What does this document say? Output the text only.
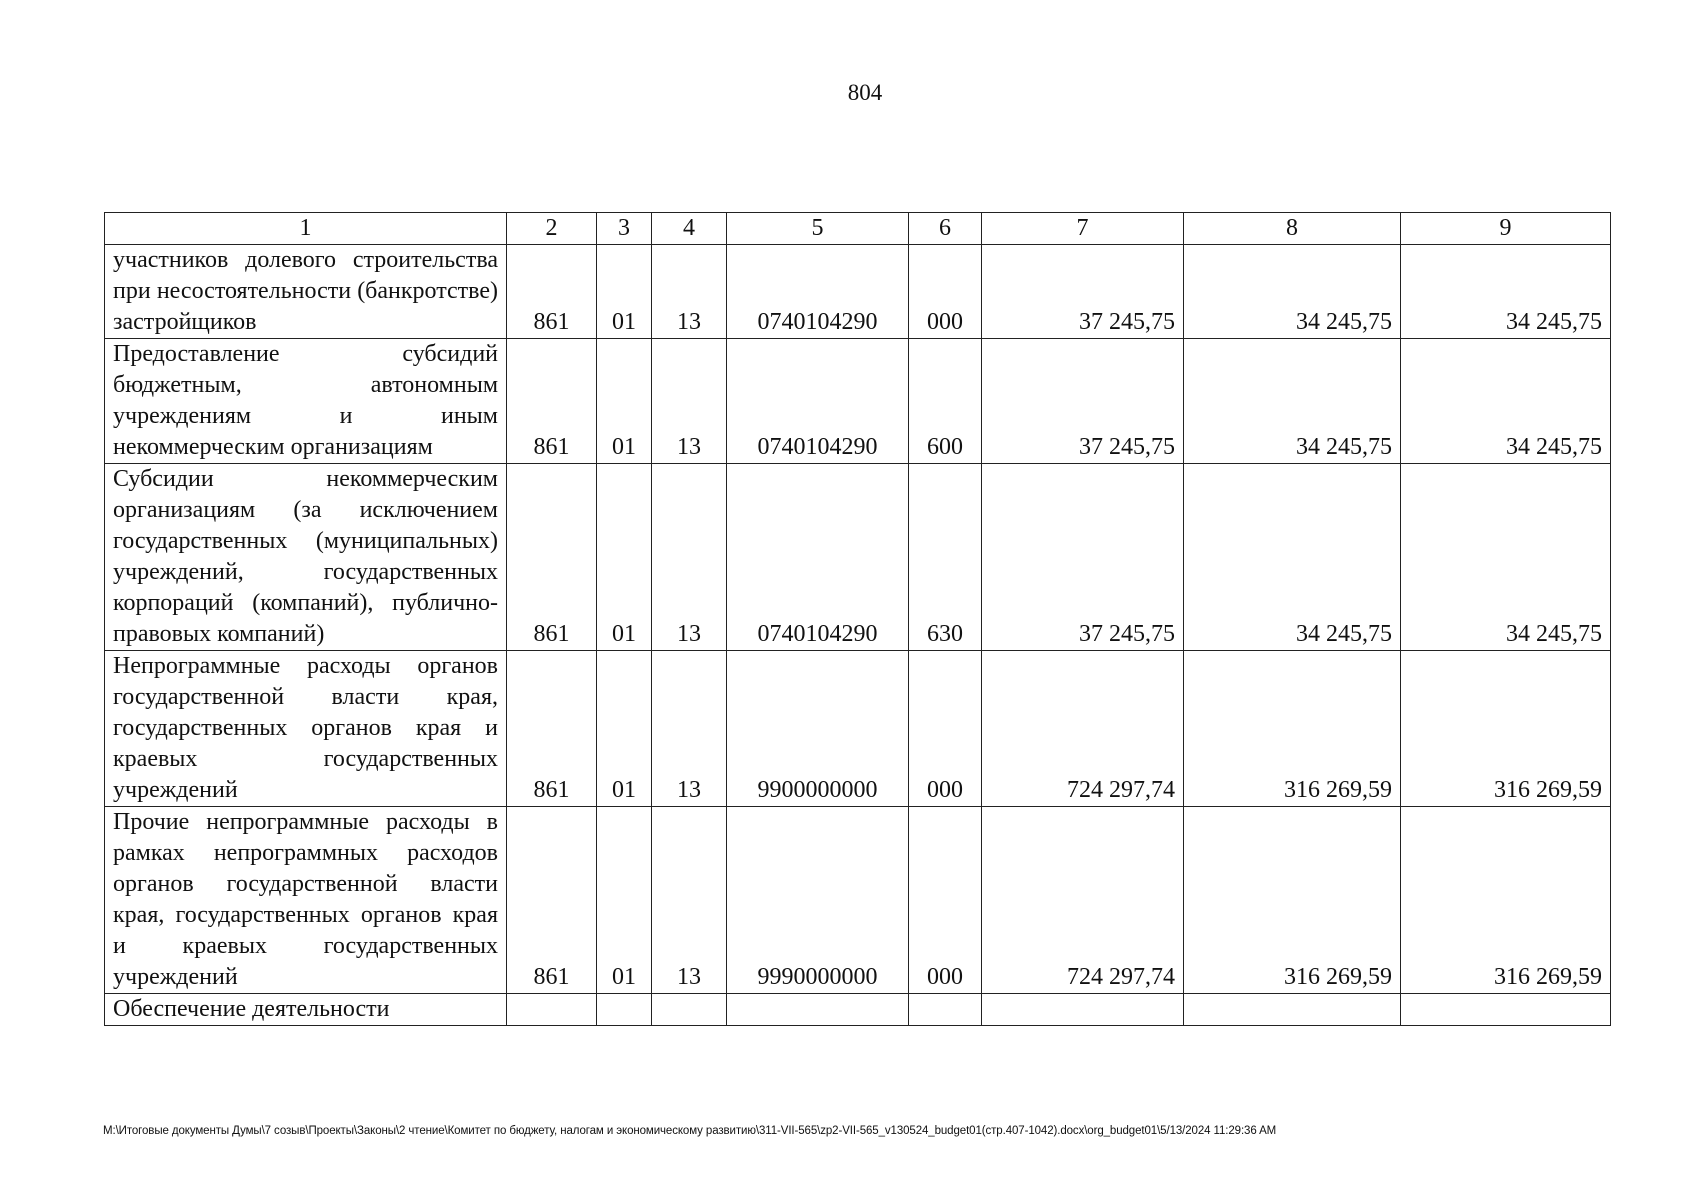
804
1	2	3	4	5	6	7	8	9
участников долевого строительства при несостоятельности (банкротстве) застройщиков	861	01	13	0740104290	000	37 245,75	34 245,75	34 245,75
Предоставление субсидий бюджетным, автономным учреждениям и иным некоммерческим организациям	861	01	13	0740104290	600	37 245,75	34 245,75	34 245,75
Субсидии некоммерческим организациям (за исключением государственных (муниципальных) учреждений, государственных корпораций (компаний), публично-правовых компаний)	861	01	13	0740104290	630	37 245,75	34 245,75	34 245,75
Непрограммные расходы органов государственной власти края, государственных органов края и краевых государственных учреждений	861	01	13	9900000000	000	724 297,74	316 269,59	316 269,59
Прочие непрограммные расходы в рамках непрограммных расходов органов государственной власти края, государственных органов края и краевых государственных учреждений	861	01	13	9990000000	000	724 297,74	316 269,59	316 269,59
Обеспечение деятельности								
M:\Итоговые документы Думы\7 созыв\Проекты\Законы\2 чтение\Комитет по бюджету, налогам и экономическому развитию\311-VII-565\zp2-VII-565_v130524_budget01(стр.407-1042).docx\org_budget01\5/13/2024 11:29:36 AM
